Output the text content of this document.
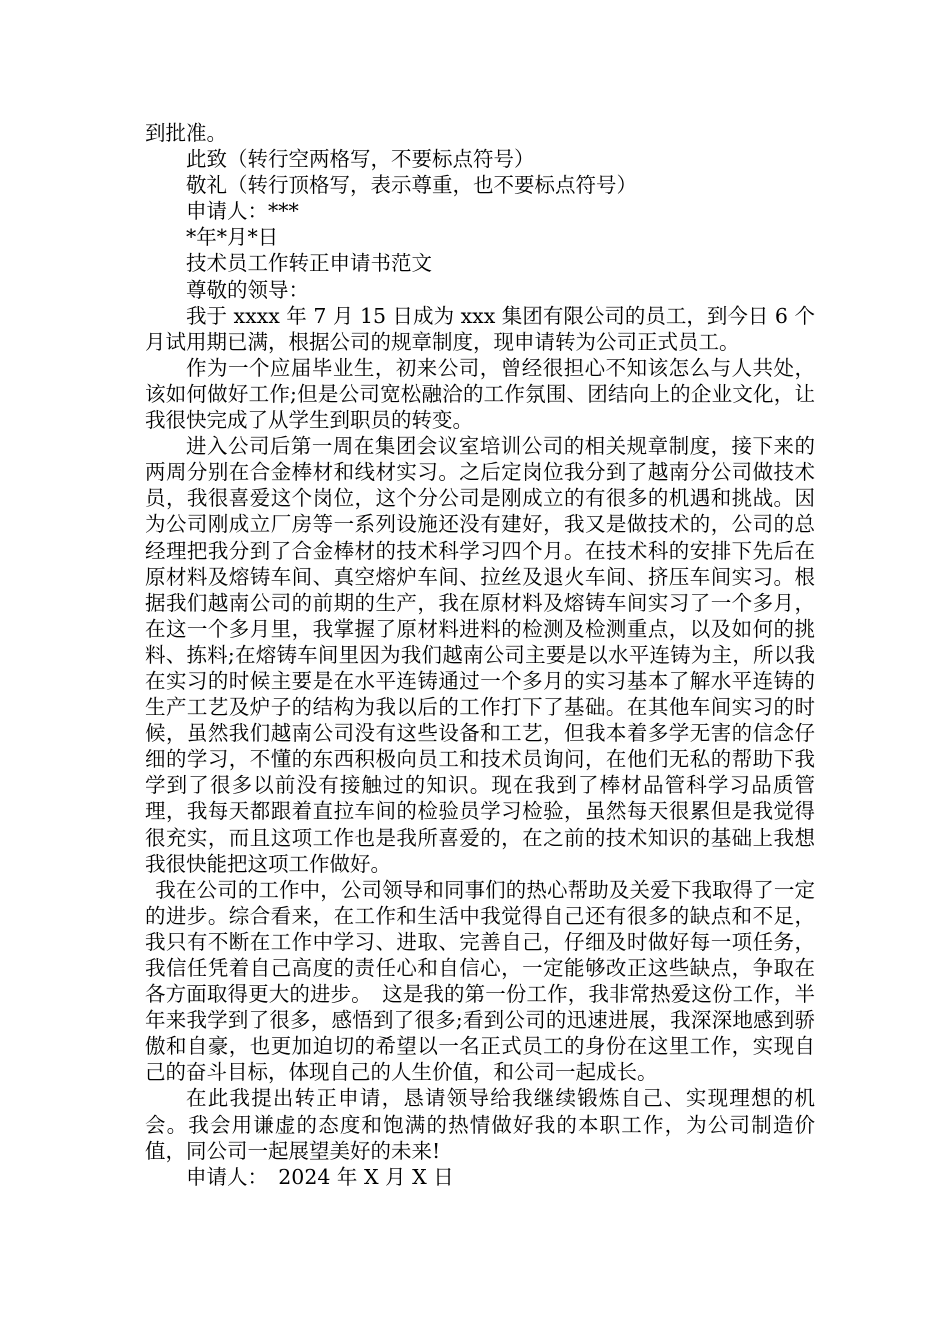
到批准。

此致（转行空两格写，不要标点符号）

敬礼（转行顶格写，表示尊重，也不要标点符号）

申请人：***

*年*月*日

技术员工作转正申请书范文

尊敬的领导：

我于 xxxx 年 7 月 15 日成为 xxx 集团有限公司的员工，到今日 6 个月试用期已满，根据公司的规章制度，现申请转为公司正式员工。

作为一个应届毕业生，初来公司，曾经很担心不知该怎么与人共处，该如何做好工作;但是公司宽松融洽的工作氛围、团结向上的企业文化，让我很快完成了从学生到职员的转变。

进入公司后第一周在集团会议室培训公司的相关规章制度，接下来的两周分别在合金棒材和线材实习。之后定岗位我分到了越南分公司做技术员，我很喜爱这个岗位，这个分公司是刚成立的有很多的机遇和挑战。因为公司刚成立厂房等一系列设施还没有建好，我又是做技术的，公司的总经理把我分到了合金棒材的技术科学习四个月。在技术科的安排下先后在原材料及熔铸车间、真空熔炉车间、拉丝及退火车间、挤压车间实习。根据我们越南公司的前期的生产，我在原材料及熔铸车间实习了一个多月，在这一个多月里，我掌握了原材料进料的检测及检测重点，以及如何的挑料、拣料;在熔铸车间里因为我们越南公司主要是以水平连铸为主，所以我在实习的时候主要是在水平连铸通过一个多月的实习基本了解水平连铸的生产工艺及炉子的结构为我以后的工作打下了基础。在其他车间实习的时候，虽然我们越南公司没有这些设备和工艺，但我本着多学无害的信念仔细的学习，不懂的东西积极向员工和技术员询问，在他们无私的帮助下我学到了很多以前没有接触过的知识。现在我到了棒材品管科学习品质管理，我每天都跟着直拉车间的检验员学习检验，虽然每天很累但是我觉得很充实，而且这项工作也是我所喜爱的，在之前的技术知识的基础上我想我很快能把这项工作做好。

我在公司的工作中，公司领导和同事们的热心帮助及关爱下我取得了一定的进步。综合看来，在工作和生活中我觉得自己还有很多的缺点和不足，我只有不断在工作中学习、进取、完善自己，仔细及时做好每一项任务，我信任凭着自己高度的责任心和自信心，一定能够改正这些缺点，争取在各方面取得更大的进步。　这是我的第一份工作，我非常热爱这份工作，半年来我学到了很多，感悟到了很多;看到公司的迅速进展，我深深地感到骄傲和自豪，也更加迫切的希望以一名正式员工的身份在这里工作，实现自己的奋斗目标，体现自己的人生价值，和公司一起成长。

在此我提出转正申请，恳请领导给我继续锻炼自己、实现理想的机会。我会用谦虚的态度和饱满的热情做好我的本职工作，为公司制造价值，同公司一起展望美好的未来!

申请人：　2024 年 X 月 X 日
